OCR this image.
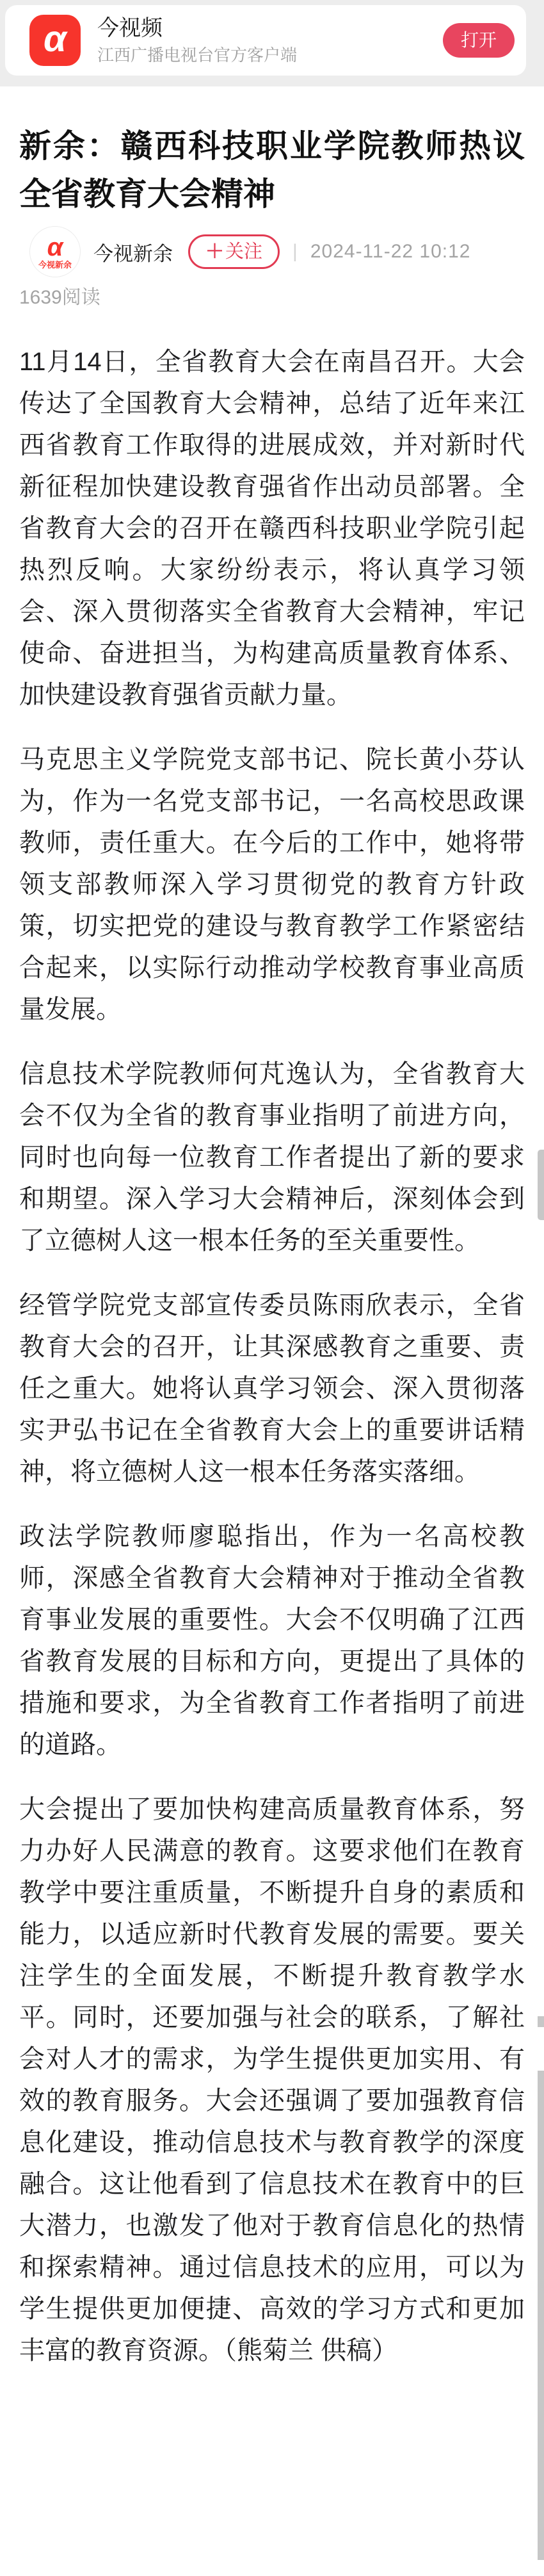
α 今视频
江西广播电视台官方客户端
打开
新余：赣西科技职业学院教师热议全省教育大会精神
α
今视新余 今视新余 ＋ 关注 | 2024-11-22 10:12
1639阅读

11月14日，全省教育大会在南昌召开。大会传达了全国教育大会精神，总结了近年来江西省教育工作取得的进展成效，并对新时代新征程加快建设教育强省作出动员部署。全省教育大会的召开在赣西科技职业学院引起热烈反响。大家纷纷表示，将认真学习领会、深入贯彻落实全省教育大会精神，牢记使命、奋进担当，为构建高质量教育体系、加快建设教育强省贡献力量。

马克思主义学院党支部书记、院长黄小芬认为，作为一名党支部书记，一名高校思政课教师，责任重大。在今后的工作中，她将带领支部教师深入学习贯彻党的教育方针政策，切实把党的建设与教育教学工作紧密结合起来，以实际行动推动学校教育事业高质量发展。

信息技术学院教师何芃逸认为，全省教育大会不仅为全省的教育事业指明了前进方向，同时也向每一位教育工作者提出了新的要求和期望。深入学习大会精神后，深刻体会到了立德树人这一根本任务的至关重要性。

经管学院党支部宣传委员陈雨欣表示，全省教育大会的召开，让其深感教育之重要、责任之重大。她将认真学习领会、深入贯彻落实尹弘书记在全省教育大会上的重要讲话精神，将立德树人这一根本任务落实落细。

政法学院教师廖聪指出，作为一名高校教师，深感全省教育大会精神对于推动全省教育事业发展的重要性。大会不仅明确了江西省教育发展的目标和方向，更提出了具体的措施和要求，为全省教育工作者指明了前进的道路。

大会提出了要加快构建高质量教育体系，努力办好人民满意的教育。这要求他们在教育教学中要注重质量，不断提升自身的素质和能力，以适应新时代教育发展的需要。要关注学生的全面发展，不断提升教育教学水平。同时，还要加强与社会的联系，了解社会对人才的需求，为学生提供更加实用、有效的教育服务。大会还强调了要加强教育信息化建设，推动信息技术与教育教学的深度融合。这让他看到了信息技术在教育中的巨大潜力，也激发了他对于教育信息化的热情和探索精神。通过信息技术的应用，可以为学生提供更加便捷、高效的学习方式和更加丰富的教育资源。（熊菊兰 供稿）
